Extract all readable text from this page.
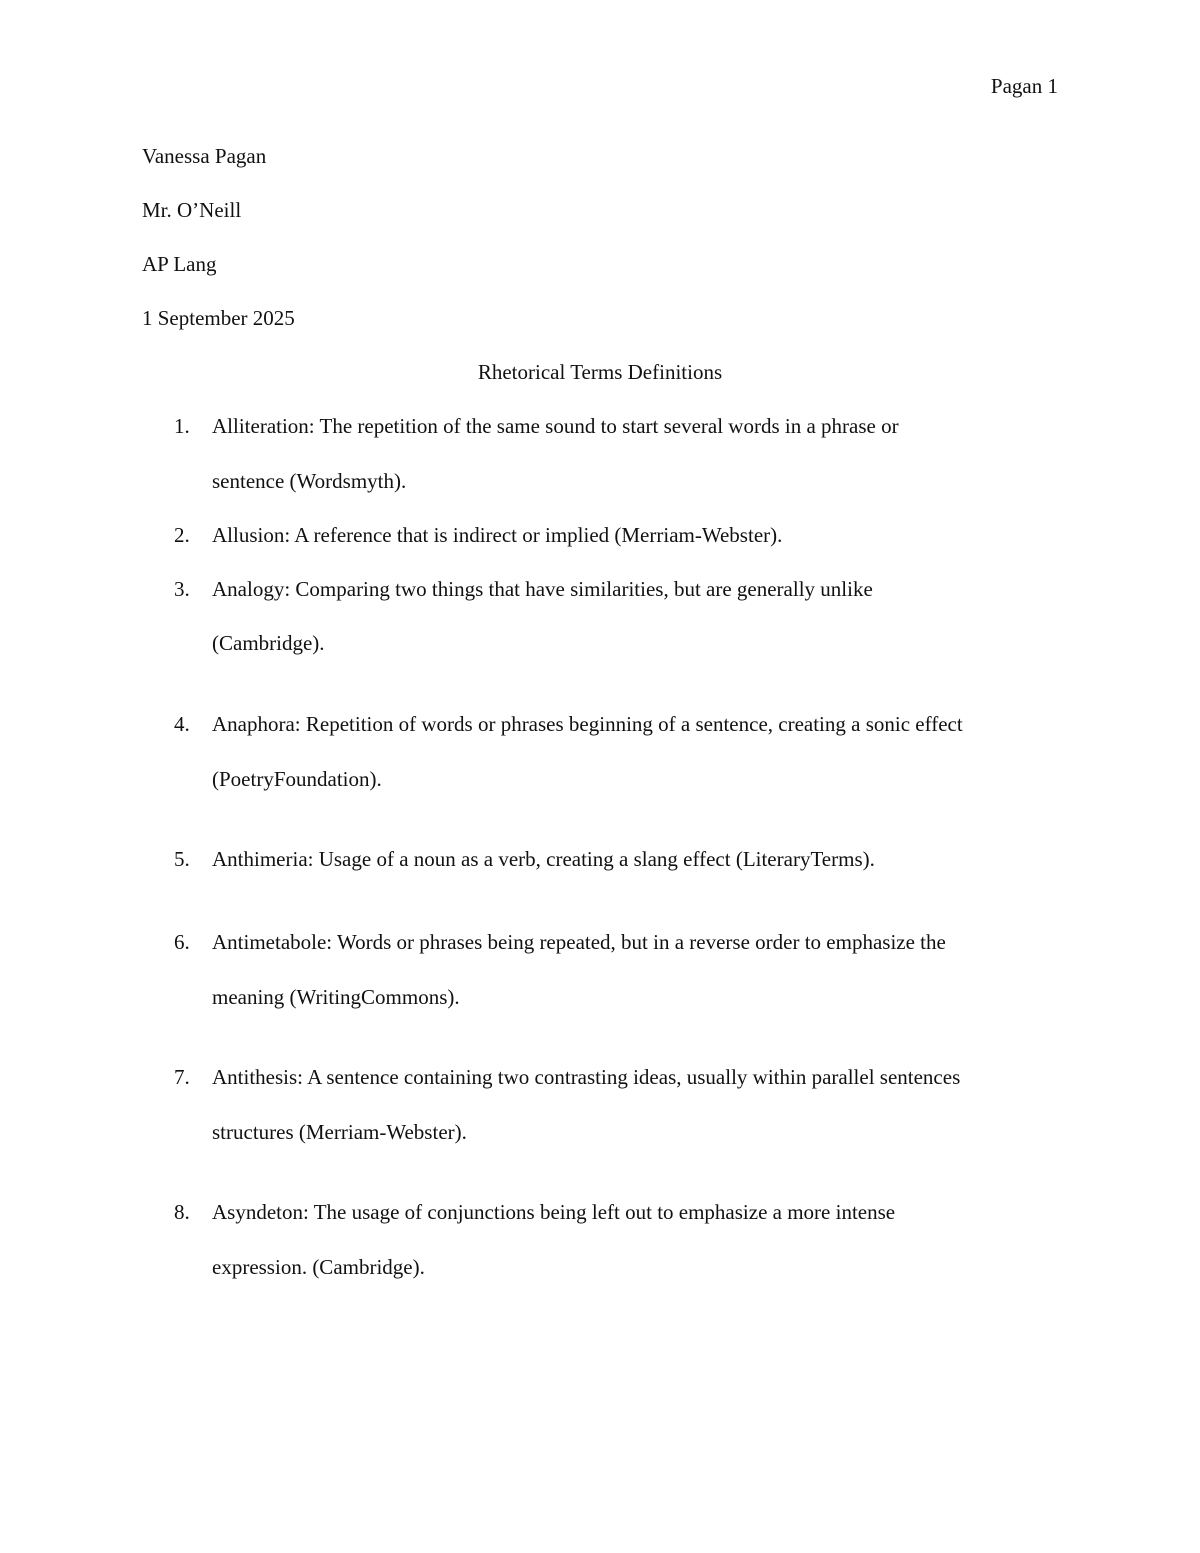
Pagan 1
Vanessa Pagan
Mr. O’Neill
AP Lang
1 September 2025
Rhetorical Terms Definitions
1. Alliteration: The repetition of the same sound to start several words in a phrase or
sentence (Wordsmyth).
2. Allusion: A reference that is indirect or implied (Merriam-Webster).
3. Analogy: Comparing two things that have similarities, but are generally unlike
(Cambridge).
4. Anaphora: Repetition of words or phrases beginning of a sentence, creating a sonic effect
(PoetryFoundation).
5. Anthimeria: Usage of a noun as a verb, creating a slang effect (LiteraryTerms).
6. Antimetabole: Words or phrases being repeated, but in a reverse order to emphasize the
meaning (WritingCommons).
7. Antithesis: A sentence containing two contrasting ideas, usually within parallel sentences
structures (Merriam-Webster).
8. Asyndeton: The usage of conjunctions being left out to emphasize a more intense
expression. (Cambridge).
